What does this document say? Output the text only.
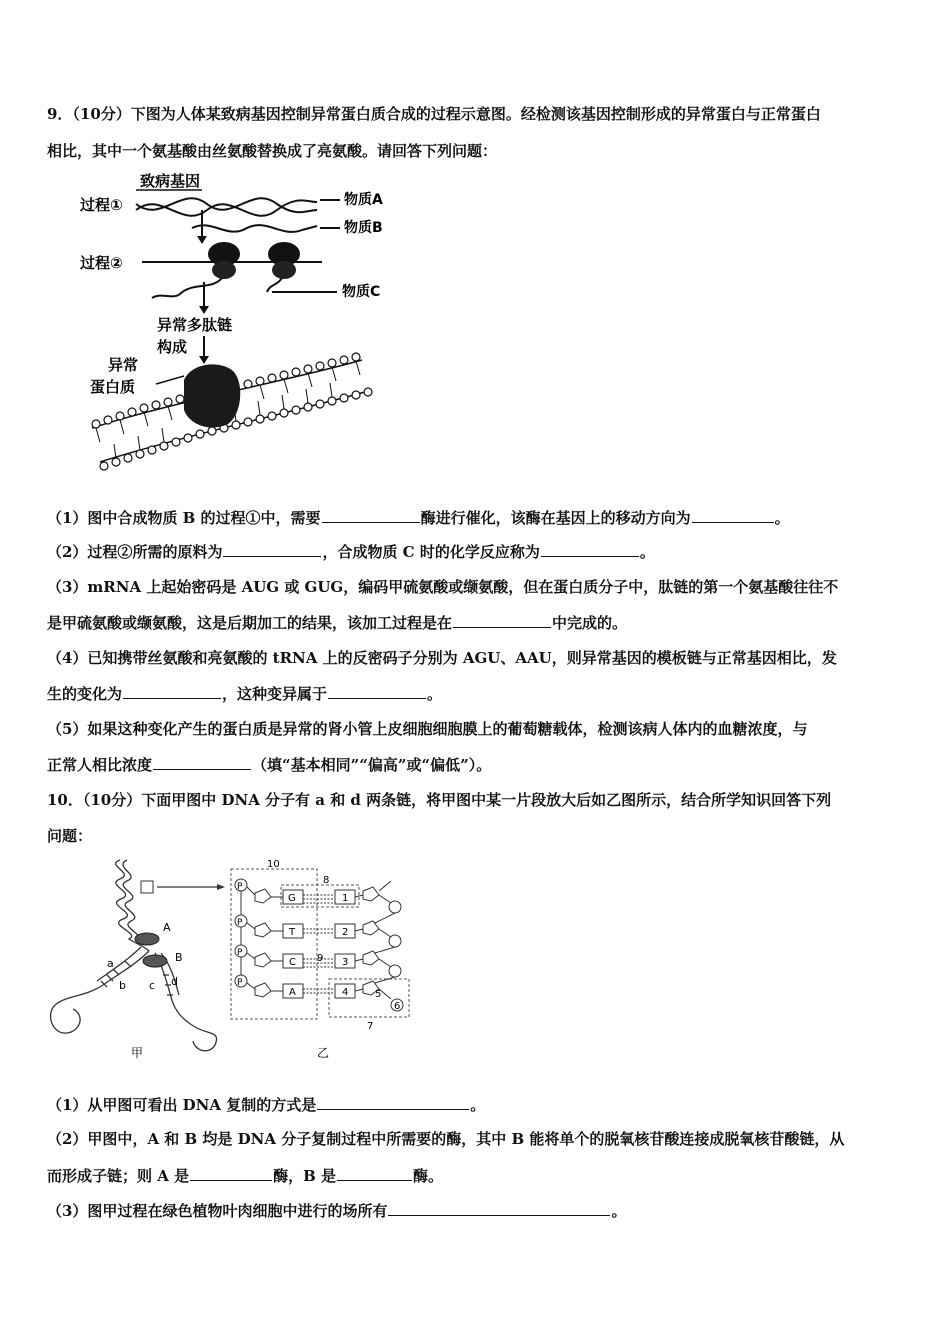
9．（10分）下图为人体某致病基因控制异常蛋白质合成的过程示意图。经检测该基因控制形成的异常蛋白与正常蛋白
相比，其中一个氨基酸由丝氨酸替换成了亮氨酸。请回答下列问题：
致病基因
过程①	物质A
物质B
过程②
物质C
异常多肽链
构成
异常
蛋白质
（1）图中合成物质 B 的过程①中，需要	酶进行催化，该酶在基因上的移动方向为	。
（2）过程②所需的原料为	，合成物质 C 时的化学反应称为	。
（3）mRNA 上起始密码是 AUG 或 GUG，编码甲硫氨酸或缬氨酸，但在蛋白质分子中，肽链的第一个氨基酸往往不
是甲硫氨酸或缬氨酸，这是后期加工的结果，该加工过程是在	中完成的。
（4）已知携带丝氨酸和亮氨酸的 tRNA 上的反密码子分别为 AGU、AAU，则异常基因的模板链与正常基因相比，发
生的变化为	，这种变异属于	。
（5）如果这种变化产生的蛋白质是异常的肾小管上皮细胞细胞膜上的葡萄糖载体，检测该病人体内的血糖浓度，与
正常人相比浓度	（填“基本相同”“偏高”或“偏低”）。
10．（10分）下面甲图中 DNA 分子有 a 和 d 两条链，将甲图中某一片段放大后如乙图所示，结合所学知识回答下列
问题：
A
B
a
b c d
甲
10
8
P
P
P
P
G
T
C
A
9
1
2
3
4	5
6
7
乙
（1）从甲图可看出 DNA 复制的方式是	。
（2）甲图中，A 和 B 均是 DNA 分子复制过程中所需要的酶，其中 B 能将单个的脱氧核苷酸连接成脱氧核苷酸链，从
而形成子链；则 A 是	酶，B 是	酶。
（3）图甲过程在绿色植物叶肉细胞中进行的场所有	。
